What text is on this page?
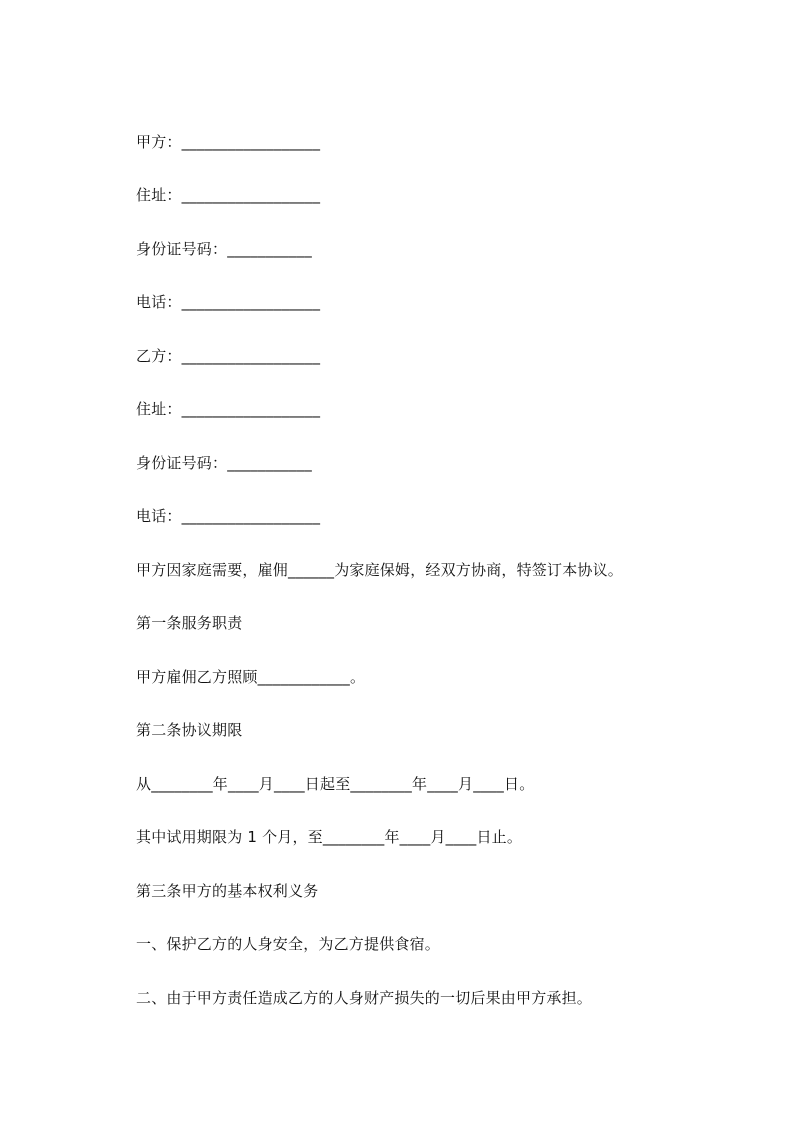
甲方：__________________
住址：__________________
身份证号码：___________
电话：__________________
乙方：__________________
住址：__________________
身份证号码：___________
电话：__________________
甲方因家庭需要，雇佣______为家庭保姆，经双方协商，特签订本协议。
第一条服务职责
甲方雇佣乙方照顾____________。
第二条协议期限
从________年____月____日起至________年____月____日。
其中试用期限为 1 个月，至________年____月____日止。
第三条甲方的基本权利义务
一、保护乙方的人身安全，为乙方提供食宿。
二、由于甲方责任造成乙方的人身财产损失的一切后果由甲方承担。
